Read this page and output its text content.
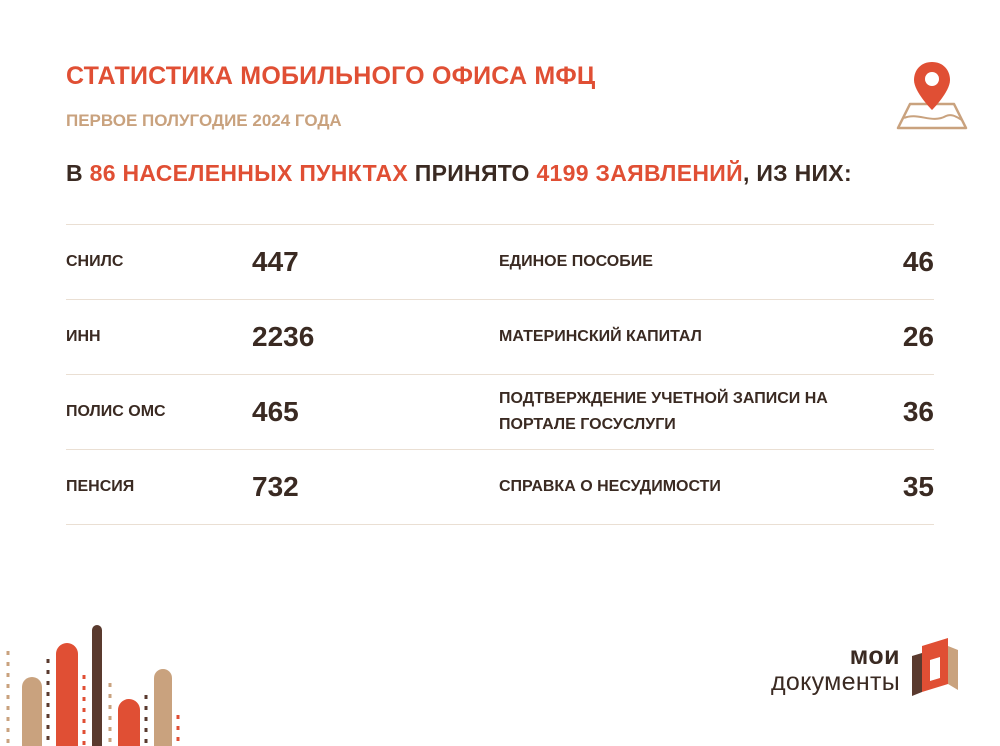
СТАТИСТИКА МОБИЛЬНОГО ОФИСА МФЦ
ПЕРВОЕ ПОЛУГОДИЕ 2024 ГОДА
В 86 НАСЕЛЕННЫХ ПУНКТАХ ПРИНЯТО 4199 ЗАЯВЛЕНИЙ, ИЗ НИХ:
СНИЛС	447	ЕДИНОЕ ПОСОБИЕ	46
ИНН	2236	МАТЕРИНСКИЙ КАПИТАЛ	26
ПОЛИС ОМС	465	ПОДТВЕРЖДЕНИЕ УЧЕТНОЙ ЗАПИСИ НА ПОРТАЛЕ ГОСУСЛУГИ	36
ПЕНСИЯ	732	СПРАВКА О НЕСУДИМОСТИ	35
мои
документы
